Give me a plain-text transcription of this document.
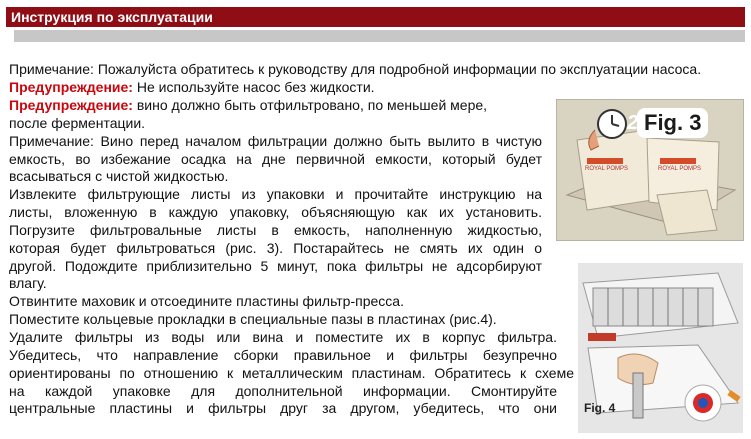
Инструкция по эксплуатации
Примечание: Пожалуйста обратитесь к руководству для подробной информации по эксплуатации насоса.
Предупреждение: Не используйте насос без жидкости.
Предупреждение: вино должно быть отфильтровано, по меньшей мере,
после ферментации.
Примечание: Вино перед началом фильтрации должно быть вылито в чистую
емкость, во избежание осадка на дне первичной емкости, который будет
всасываться с чистой жидкостью.
Извлеките фильтрующие листы из упаковки и прочитайте инструкцию на
листы, вложенную в каждую упаковку, объясняющую как их установить.
Погрузите фильтровальные листы в емкость, наполненную жидкостью,
которая будет фильтроваться (рис. 3). Постарайтесь не смять их один о
другой. Подождите приблизительно 5 минут, пока фильтры не адсорбируют
влагу.
Отвинтите маховик и отсоедините пластины фильтр-пресса.
Поместите кольцевые прокладки в специальные пазы в пластинах (рис.4).
Удалите фильтры из воды или вина и поместите их в корпус фильтра.
Убедитесь, что направление сборки правильное и фильтры безупречно
ориентированы по отношению к металлическим пластинам. Обратитесь к схеме
на каждой упаковке для дополнительной информации. Смонтируйте
центральные пластины и фильтры друг за другом, убедитесь, что они
Fig. 3
2'
ROYAL POMPS	ROYAL POMPS
Fig. 4
